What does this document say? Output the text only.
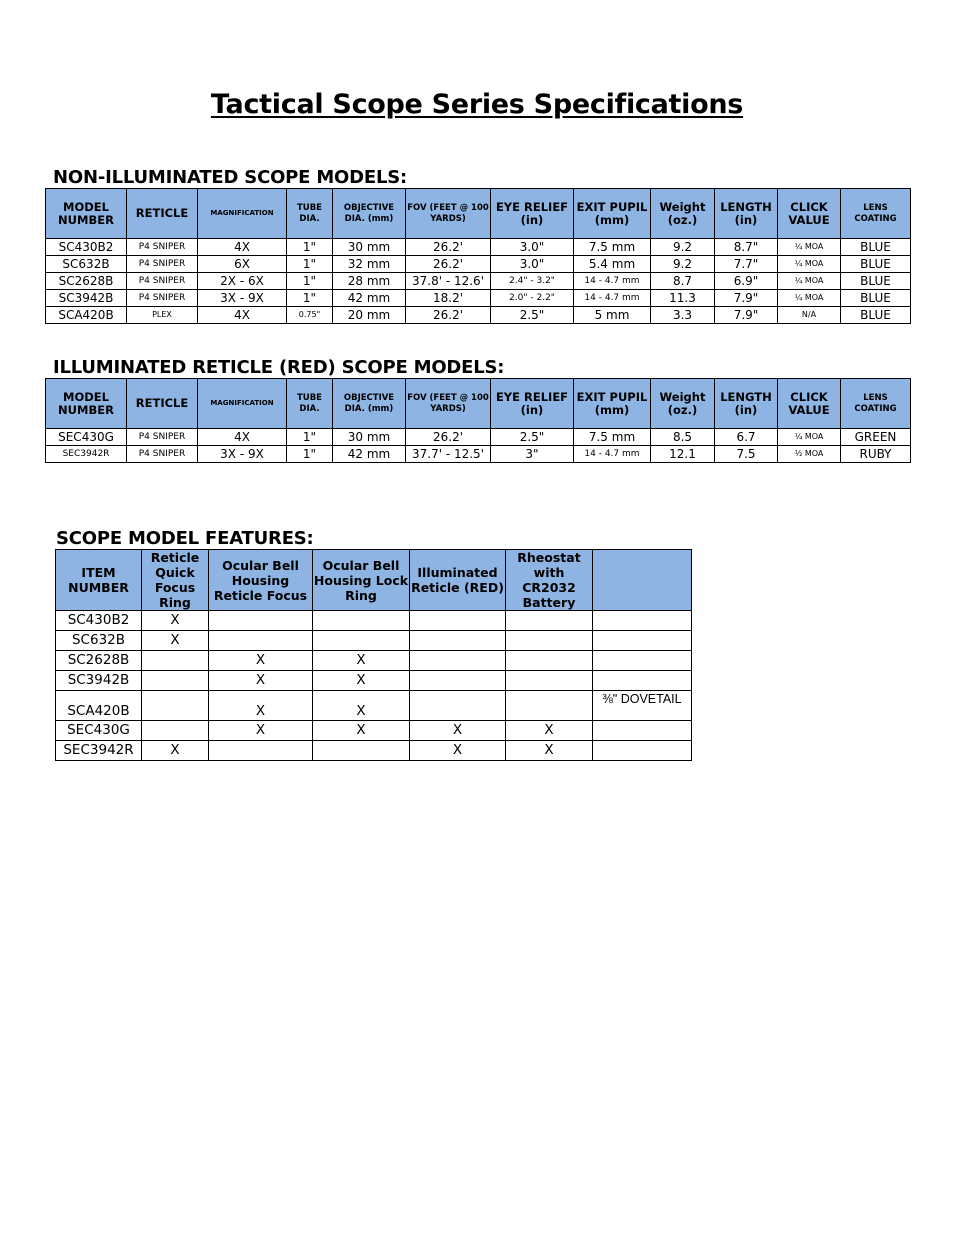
Tactical Scope Series Specifications
NON-ILLUMINATED SCOPE MODELS:
MODEL NUMBER	RETICLE	MAGNIFICATION	TUBE DIA.	OBJECTIVE DIA. (mm)	FOV (FEET @ 100 YARDS)	EYE RELIEF (in)	EXIT PUPIL (mm)	Weight (oz.)	LENGTH (in)	CLICK VALUE	LENS COATING
SC430B2	P4 SNIPER	4X	1"	30 mm	26.2'	3.0"	7.5 mm	9.2	8.7"	¼ MOA	BLUE
SC632B	P4 SNIPER	6X	1"	32 mm	26.2'	3.0"	5.4 mm	9.2	7.7"	¼ MOA	BLUE
SC2628B	P4 SNIPER	2X - 6X	1"	28 mm	37.8' - 12.6'	2.4" - 3.2"	14 - 4.7 mm	8.7	6.9"	¼ MOA	BLUE
SC3942B	P4 SNIPER	3X - 9X	1"	42 mm	18.2'	2.0" - 2.2"	14 - 4.7 mm	11.3	7.9"	¼ MOA	BLUE
SCA420B	PLEX	4X	0.75"	20 mm	26.2'	2.5"	5 mm	3.3	7.9"	N/A	BLUE
ILLUMINATED RETICLE (RED) SCOPE MODELS:
MODEL NUMBER	RETICLE	MAGNIFICATION	TUBE DIA.	OBJECTIVE DIA. (mm)	FOV (FEET @ 100 YARDS)	EYE RELIEF (in)	EXIT PUPIL (mm)	Weight (oz.)	LENGTH (in)	CLICK VALUE	LENS COATING
SEC430G	P4 SNIPER	4X	1"	30 mm	26.2'	2.5"	7.5 mm	8.5	6.7	¼ MOA	GREEN
SEC3942R	P4 SNIPER	3X - 9X	1"	42 mm	37.7' - 12.5'	3"	14 - 4.7 mm	12.1	7.5	½ MOA	RUBY
SCOPE MODEL FEATURES:
ITEM NUMBER	Reticle Quick Focus Ring	Ocular Bell Housing Reticle Focus	Ocular Bell Housing Lock Ring	Illuminated Reticle (RED)	Rheostat with CR2032 Battery	
SC430B2	X					
SC632B	X					
SC2628B		X	X			
SC3942B		X	X			
SCA420B		X	X			⅜" DOVETAIL
SEC430G		X	X	X	X	
SEC3942R	X			X	X	
